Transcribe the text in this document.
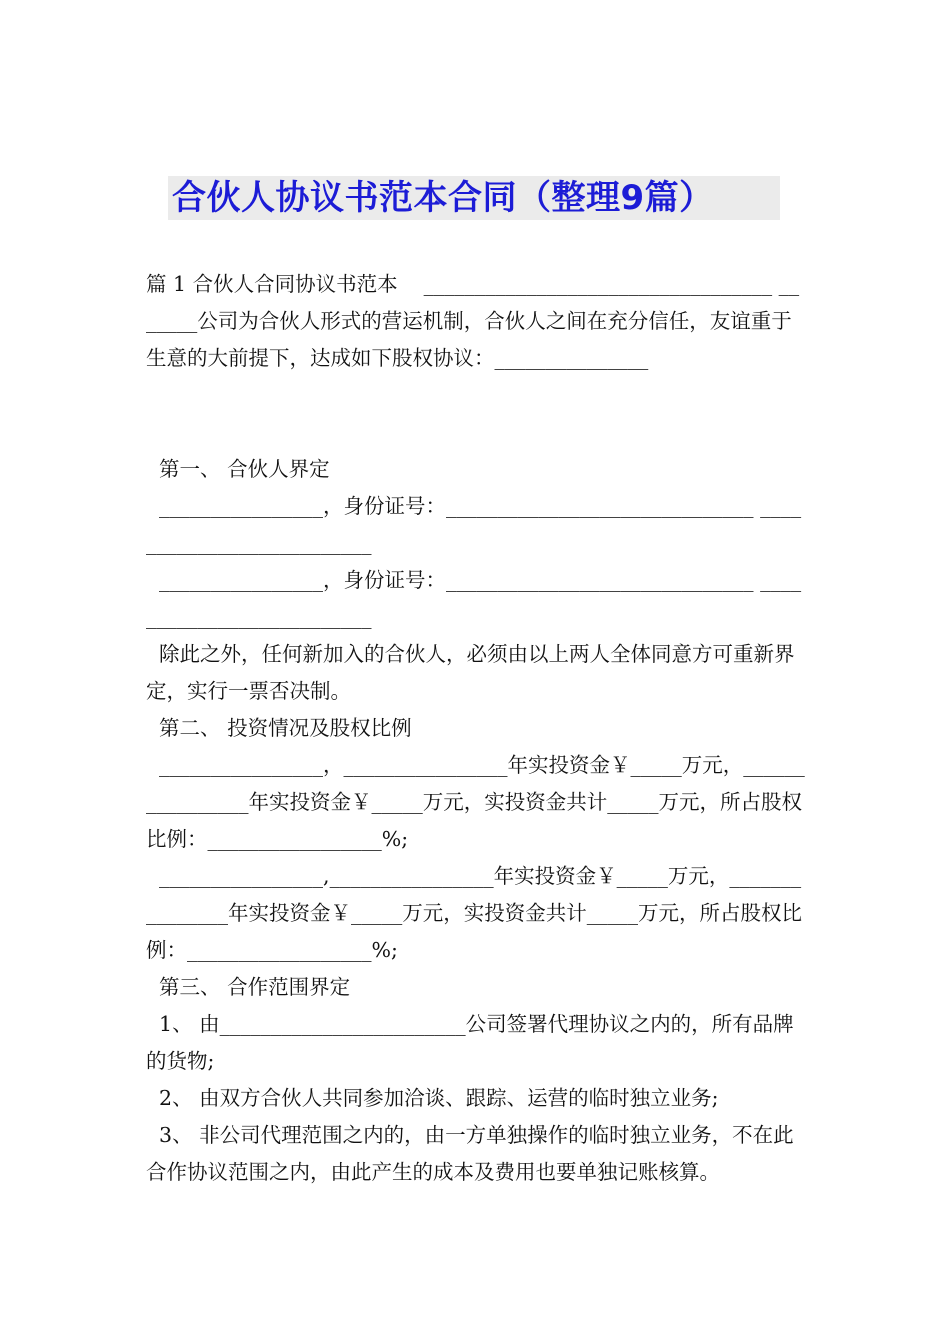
合伙人协议书范本合同（整理9篇）

篇 1 合伙人合同协议书范本    __________________________________ _______公司为合伙人形式的营运机制，合伙人之间在充分信任，友谊重于生意的大前提下，达成如下股权协议：_______________

第一、 合伙人界定

________________，身份证号：______________________________ __________________________

________________，身份证号：______________________________ __________________________

除此之外，任何新加入的合伙人，必须由以上两人全体同意方可重新界定，实行一票否决制。

第二、 投资情况及股权比例

________________，________________年实投资金￥_____万元，________________年实投资金￥_____万元，实投资金共计_____万元，所占股权比例：_________________%;

________________,________________年实投资金￥_____万元，_______________年实投资金￥_____万元，实投资金共计_____万元，所占股权比例：__________________%;

第三、 合作范围界定

1、 由________________________公司签署代理协议之内的，所有品牌的货物;

2、 由双方合伙人共同参加洽谈、跟踪、运营的临时独立业务;

3、 非公司代理范围之内的，由一方单独操作的临时独立业务，不在此合作协议范围之内，由此产生的成本及费用也要单独记账核算。
